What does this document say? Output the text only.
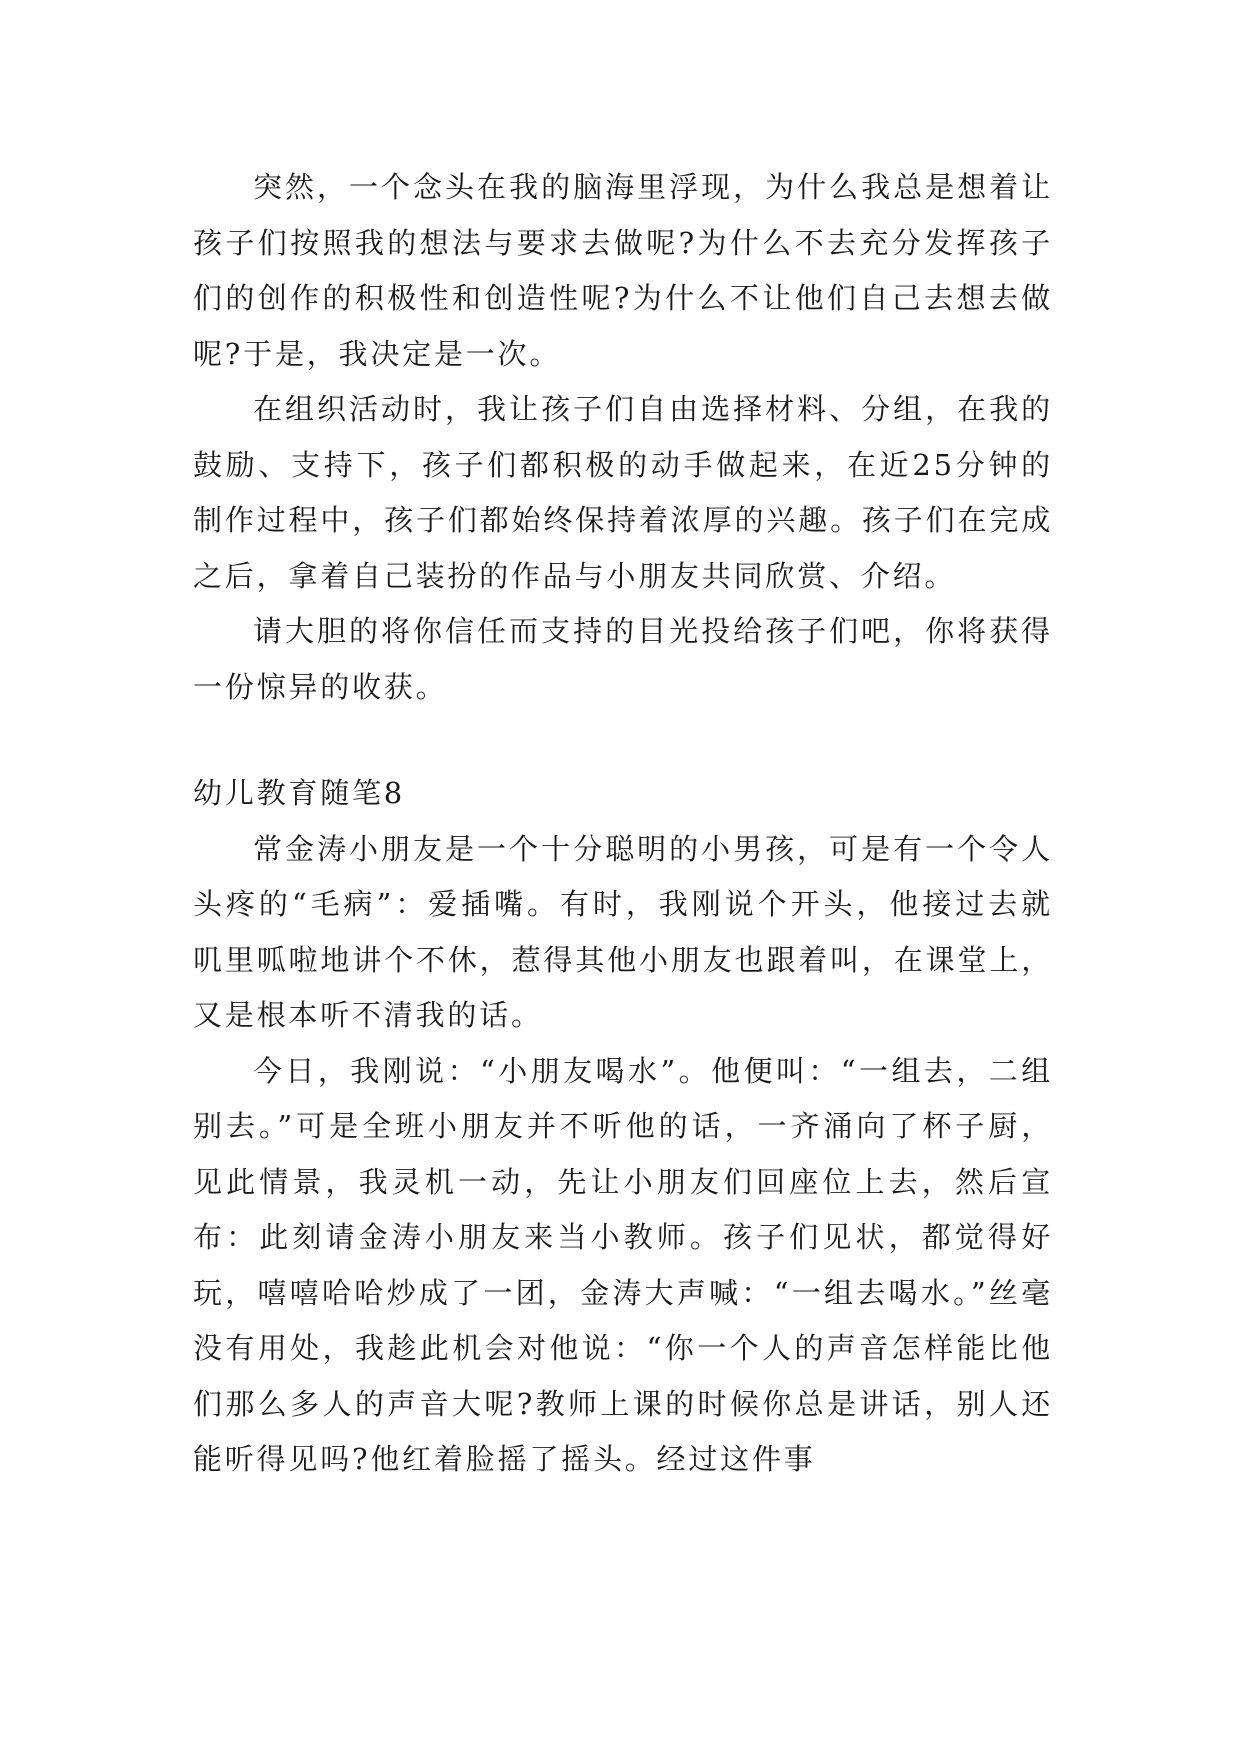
突然，一个念头在我的脑海里浮现，为什么我总是想着让孩子们按照我的想法与要求去做呢?为什么不去充分发挥孩子们的创作的积极性和创造性呢?为什么不让他们自己去想去做呢?于是，我决定是一次。

在组织活动时，我让孩子们自由选择材料、分组，在我的鼓励、支持下，孩子们都积极的动手做起来，在近25分钟的制作过程中，孩子们都始终保持着浓厚的兴趣。孩子们在完成之后，拿着自己装扮的作品与小朋友共同欣赏、介绍。

请大胆的将你信任而支持的目光投给孩子们吧，你将获得一份惊异的收获。

幼儿教育随笔8

常金涛小朋友是一个十分聪明的小男孩，可是有一个令人头疼的“毛病”：爱插嘴。有时，我刚说个开头，他接过去就叽里呱啦地讲个不休，惹得其他小朋友也跟着叫，在课堂上，又是根本听不清我的话。

今日，我刚说：“小朋友喝水”。他便叫：“一组去，二组别去。”可是全班小朋友并不听他的话，一齐涌向了杯子厨，见此情景，我灵机一动，先让小朋友们回座位上去，然后宣布：此刻请金涛小朋友来当小教师。孩子们见状，都觉得好玩，嘻嘻哈哈炒成了一团，金涛大声喊：“一组去喝水。”丝毫没有用处，我趁此机会对他说：“你一个人的声音怎样能比他们那么多人的声音大呢?教师上课的时候你总是讲话，别人还能听得见吗?他红着脸摇了摇头。经过这件事
